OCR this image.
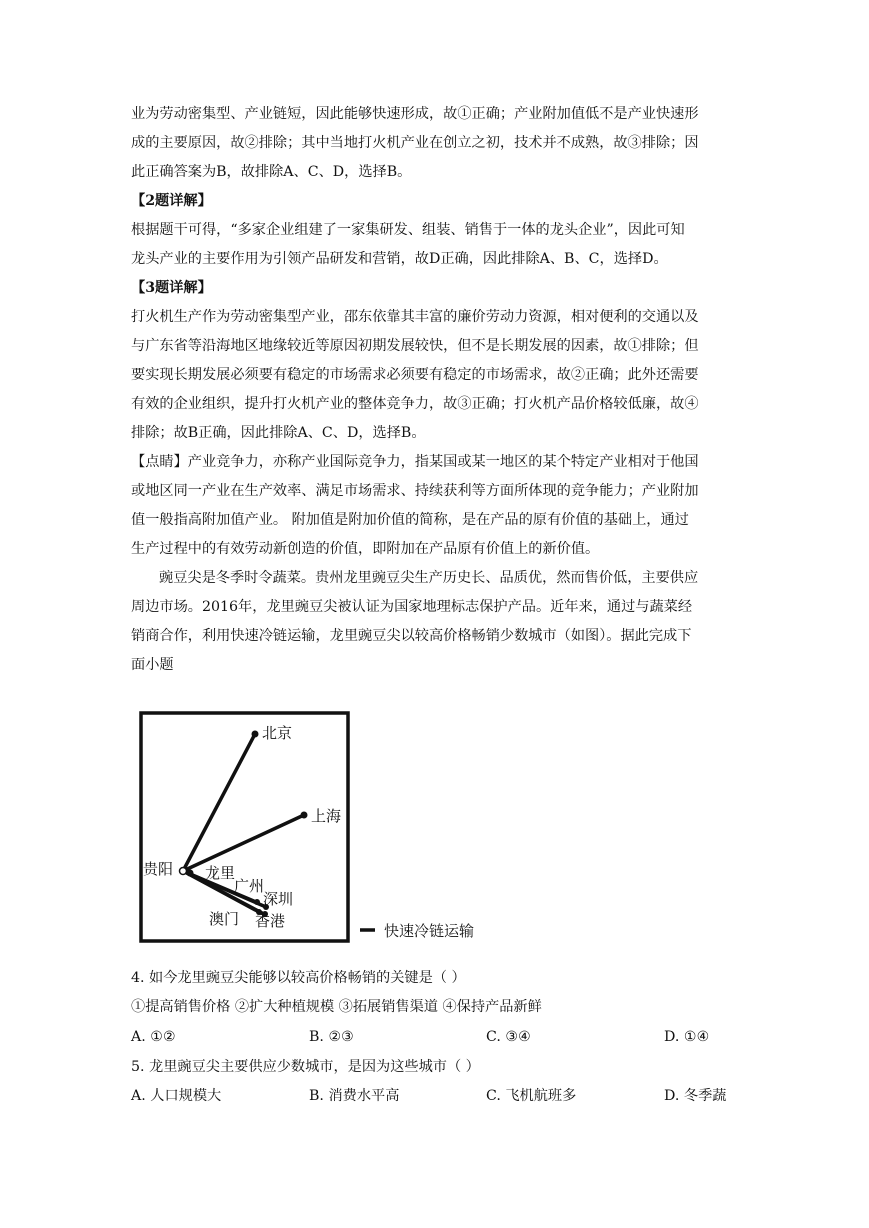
业为劳动密集型、产业链短，因此能够快速形成，故①正确；产业附加值低不是产业快速形
成的主要原因，故②排除；其中当地打火机产业在创立之初，技术并不成熟，故③排除；因
此正确答案为B，故排除A、C、D，选择B。
【2题详解】
根据题干可得，“多家企业组建了一家集研发、组装、销售于一体的龙头企业”，因此可知
龙头产业的主要作用为引领产品研发和营销，故D正确，因此排除A、B、C，选择D。
【3题详解】
打火机生产作为劳动密集型产业，邵东依靠其丰富的廉价劳动力资源，相对便利的交通以及
与广东省等沿海地区地缘较近等原因初期发展较快，但不是长期发展的因素，故①排除；但
要实现长期发展必须要有稳定的市场需求必须要有稳定的市场需求，故②正确；此外还需要
有效的企业组织，提升打火机产业的整体竞争力，故③正确；打火机产品价格较低廉，故④
排除；故B正确，因此排除A、C、D，选择B。
【点睛】产业竞争力，亦称产业国际竞争力，指某国或某一地区的某个特定产业相对于他国
或地区同一产业在生产效率、满足市场需求、持续获利等方面所体现的竞争能力；产业附加
值一般指高附加值产业。 附加值是附加价值的简称，是在产品的原有价值的基础上，通过
生产过程中的有效劳动新创造的价值，即附加在产品原有价值上的新价值。
豌豆尖是冬季时令蔬菜。贵州龙里豌豆尖生产历史长、品质优，然而售价低，主要供应
周边市场。2016年，龙里豌豆尖被认证为国家地理标志保护产品。近年来，通过与蔬菜经
销商合作，利用快速冷链运输，龙里豌豆尖以较高价格畅销少数城市（如图）。据此完成下
面小题
4. 如今龙里豌豆尖能够以较高价格畅销的关键是（ ）
①提高销售价格 ②扩大种植规模 ③拓展销售渠道 ④保持产品新鲜
A. ①②	B. ②③	C. ③④	D. ①④
5. 龙里豌豆尖主要供应少数城市，是因为这些城市（ ）
A. 人口规模大	B. 消费水平高	C. 飞机航班多	D. 冬季蔬
北京
上海
贵阳 龙里
广州
深圳
澳门 香港
快速冷链运输
